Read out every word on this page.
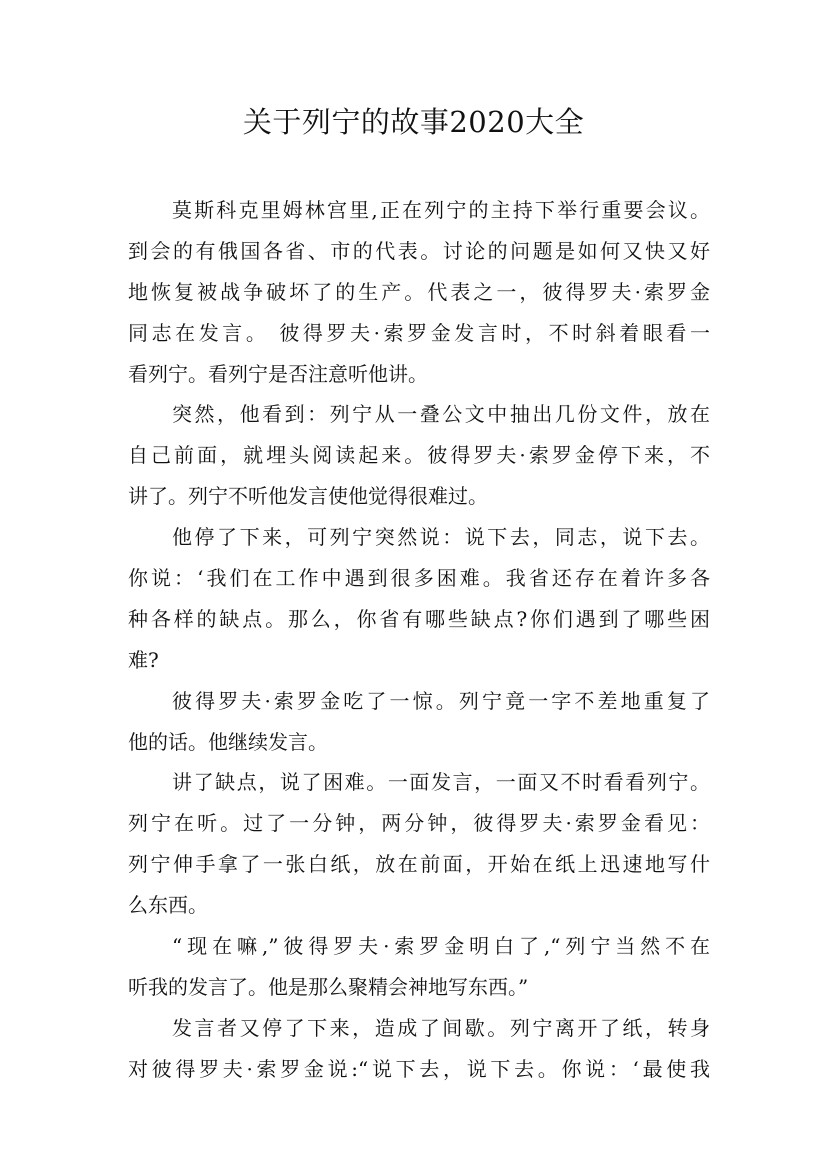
关于列宁的故事2020大全
莫斯科克里姆林宫里,正在列宁的主持下举行重要会议。
到会的有俄国各省、市的代表。讨论的问题是如何又快又好
地恢复被战争破坏了的生产。代表之一，彼得罗夫·索罗金
同志在发言。 彼得罗夫·索罗金发言时，不时斜着眼看一
看列宁。看列宁是否注意听他讲。
突然，他看到：列宁从一叠公文中抽出几份文件，放在
自己前面，就埋头阅读起来。彼得罗夫·索罗金停下来，不
讲了。列宁不听他发言使他觉得很难过。
他停了下来，可列宁突然说：说下去，同志，说下去。
你说：‘我们在工作中遇到很多困难。我省还存在着许多各
种各样的缺点。那么，你省有哪些缺点?你们遇到了哪些困
难?
彼得罗夫·索罗金吃了一惊。列宁竟一字不差地重复了
他的话。他继续发言。
讲了缺点，说了困难。一面发言，一面又不时看看列宁。
列宁在听。过了一分钟，两分钟，彼得罗夫·索罗金看见：
列宁伸手拿了一张白纸，放在前面，开始在纸上迅速地写什
么东西。
“现在嘛,”彼得罗夫·索罗金明白了,“列宁当然不在
听我的发言了。他是那么聚精会神地写东西。”
发言者又停了下来，造成了间歇。列宁离开了纸，转身
对彼得罗夫·索罗金说:“说下去，说下去。你说：‘最使我
